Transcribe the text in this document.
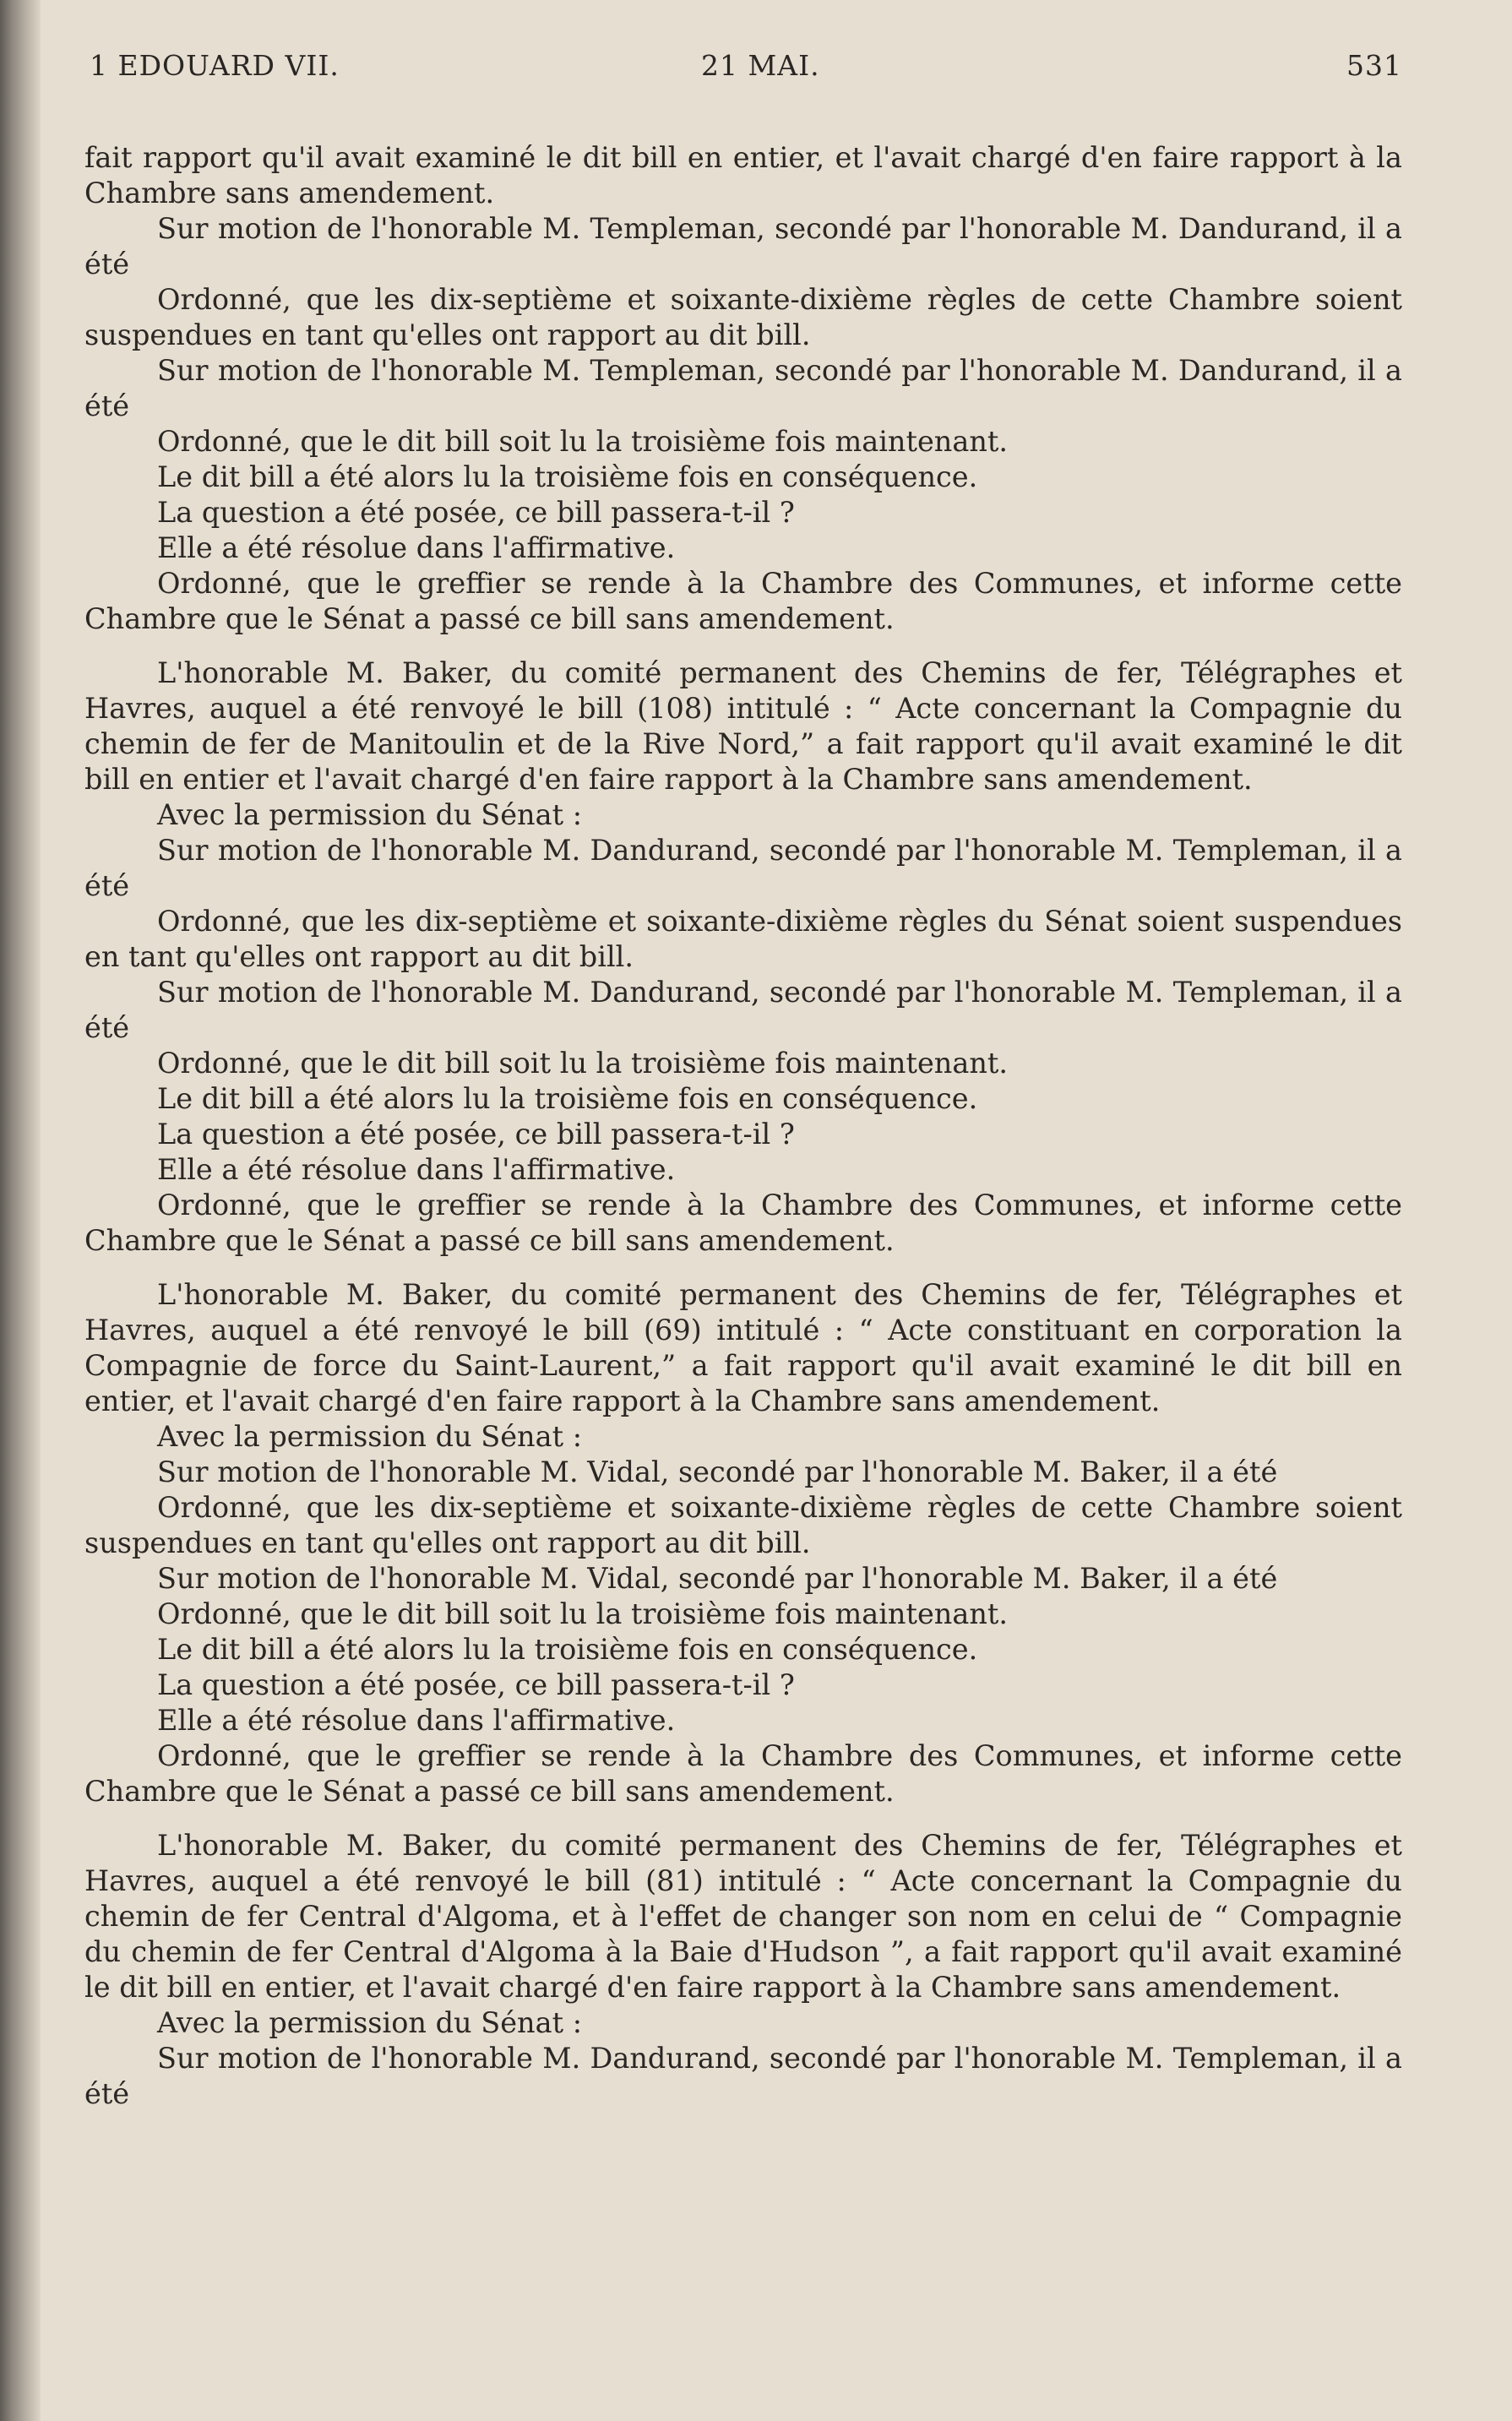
1 EDOUARD VII.	21 MAI.	531

fait rapport qu'il avait examiné le dit bill en entier, et l'avait chargé d'en faire rapport à la Chambre sans amendement.

Sur motion de l'honorable M. Templeman, secondé par l'honorable M. Dandurand, il a été

Ordonné, que les dix-septième et soixante-dixième règles de cette Chambre soient suspendues en tant qu'elles ont rapport au dit bill.

Sur motion de l'honorable M. Templeman, secondé par l'honorable M. Dandurand, il a été

Ordonné, que le dit bill soit lu la troisième fois maintenant.

Le dit bill a été alors lu la troisième fois en conséquence.

La question a été posée, ce bill passera-t-il ?

Elle a été résolue dans l'affirmative.

Ordonné, que le greffier se rende à la Chambre des Communes, et informe cette Chambre que le Sénat a passé ce bill sans amendement.

L'honorable M. Baker, du comité permanent des Chemins de fer, Télégraphes et Havres, auquel a été renvoyé le bill (108) intitulé : “ Acte concernant la Compagnie du chemin de fer de Manitoulin et de la Rive Nord,” a fait rapport qu'il avait examiné le dit bill en entier et l'avait chargé d'en faire rapport à la Chambre sans amendement.

Avec la permission du Sénat :

Sur motion de l'honorable M. Dandurand, secondé par l'honorable M. Templeman, il a été

Ordonné, que les dix-septième et soixante-dixième règles du Sénat soient suspendues en tant qu'elles ont rapport au dit bill.

Sur motion de l'honorable M. Dandurand, secondé par l'honorable M. Templeman, il a été

Ordonné, que le dit bill soit lu la troisième fois maintenant.

Le dit bill a été alors lu la troisième fois en conséquence.

La question a été posée, ce bill passera-t-il ?

Elle a été résolue dans l'affirmative.

Ordonné, que le greffier se rende à la Chambre des Communes, et informe cette Chambre que le Sénat a passé ce bill sans amendement.

L'honorable M. Baker, du comité permanent des Chemins de fer, Télégraphes et Havres, auquel a été renvoyé le bill (69) intitulé : “ Acte constituant en corporation la Compagnie de force du Saint-Laurent,” a fait rapport qu'il avait examiné le dit bill en entier, et l'avait chargé d'en faire rapport à la Chambre sans amendement.

Avec la permission du Sénat :

Sur motion de l'honorable M. Vidal, secondé par l'honorable M. Baker, il a été

Ordonné, que les dix-septième et soixante-dixième règles de cette Chambre soient suspendues en tant qu'elles ont rapport au dit bill.

Sur motion de l'honorable M. Vidal, secondé par l'honorable M. Baker, il a été

Ordonné, que le dit bill soit lu la troisième fois maintenant.

Le dit bill a été alors lu la troisième fois en conséquence.

La question a été posée, ce bill passera-t-il ?

Elle a été résolue dans l'affirmative.

Ordonné, que le greffier se rende à la Chambre des Communes, et informe cette Chambre que le Sénat a passé ce bill sans amendement.

L'honorable M. Baker, du comité permanent des Chemins de fer, Télégraphes et Havres, auquel a été renvoyé le bill (81) intitulé : “ Acte concernant la Compagnie du chemin de fer Central d'Algoma, et à l'effet de changer son nom en celui de “ Compagnie du chemin de fer Central d'Algoma à la Baie d'Hudson ”, a fait rapport qu'il avait examiné le dit bill en entier, et l'avait chargé d'en faire rapport à la Chambre sans amendement.

Avec la permission du Sénat :

Sur motion de l'honorable M. Dandurand, secondé par l'honorable M. Templeman, il a été
